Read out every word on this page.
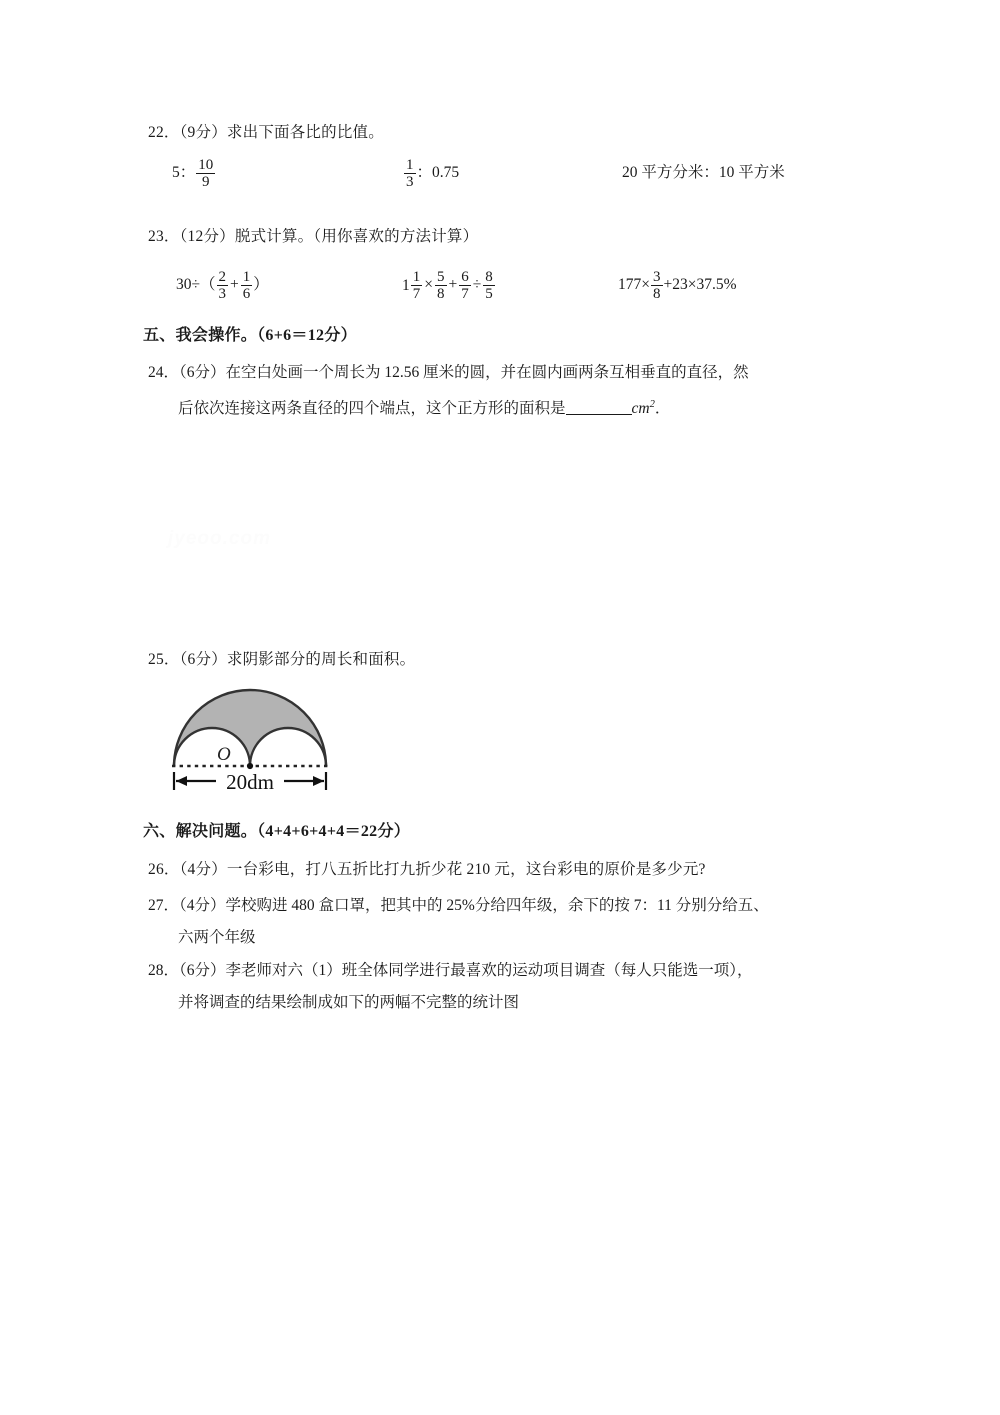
22．（9分）求出下面各比的比值。
5： $\frac{10}{9}$	$\frac{1}{3}$ ：0.75	20 平方分米：10 平方米
23．（12分）脱式计算。（用你喜欢的方法计算）
$30\div( \frac{2}{3} + \frac{1}{6}$ ）	$1 \frac{1}{7} \times \frac{5}{8} + \frac{6}{7} \div \frac{8}{5}$	$177\times \frac{3}{8} +23\times 37.5\%$
五、我会操作。（6+6＝12分）
24．（6分）在空白处画一个周长为 12.56 厘米的圆，并在圆内画两条互相垂直的直径，然
后依次连接这两条直径的四个端点，这个正方形的面积是	$cm^2$．
jyeoo.com
25．（6分）求阴影部分的周长和面积。
O
20dm
六、解决问题。（4+4+6+4+4＝22分）
26．（4分）一台彩电，打八五折比打九折少花 210 元，这台彩电的原价是多少元?
27．（4分）学校购进 480 盒口罩，把其中的 25%分给四年级，余下的按 7：11 分别分给五、
六两个年级
28．（6分）李老师对六（1）班全体同学进行最喜欢的运动项目调查（每人只能选一项），
并将调查的结果绘制成如下的两幅不完整的统计图
